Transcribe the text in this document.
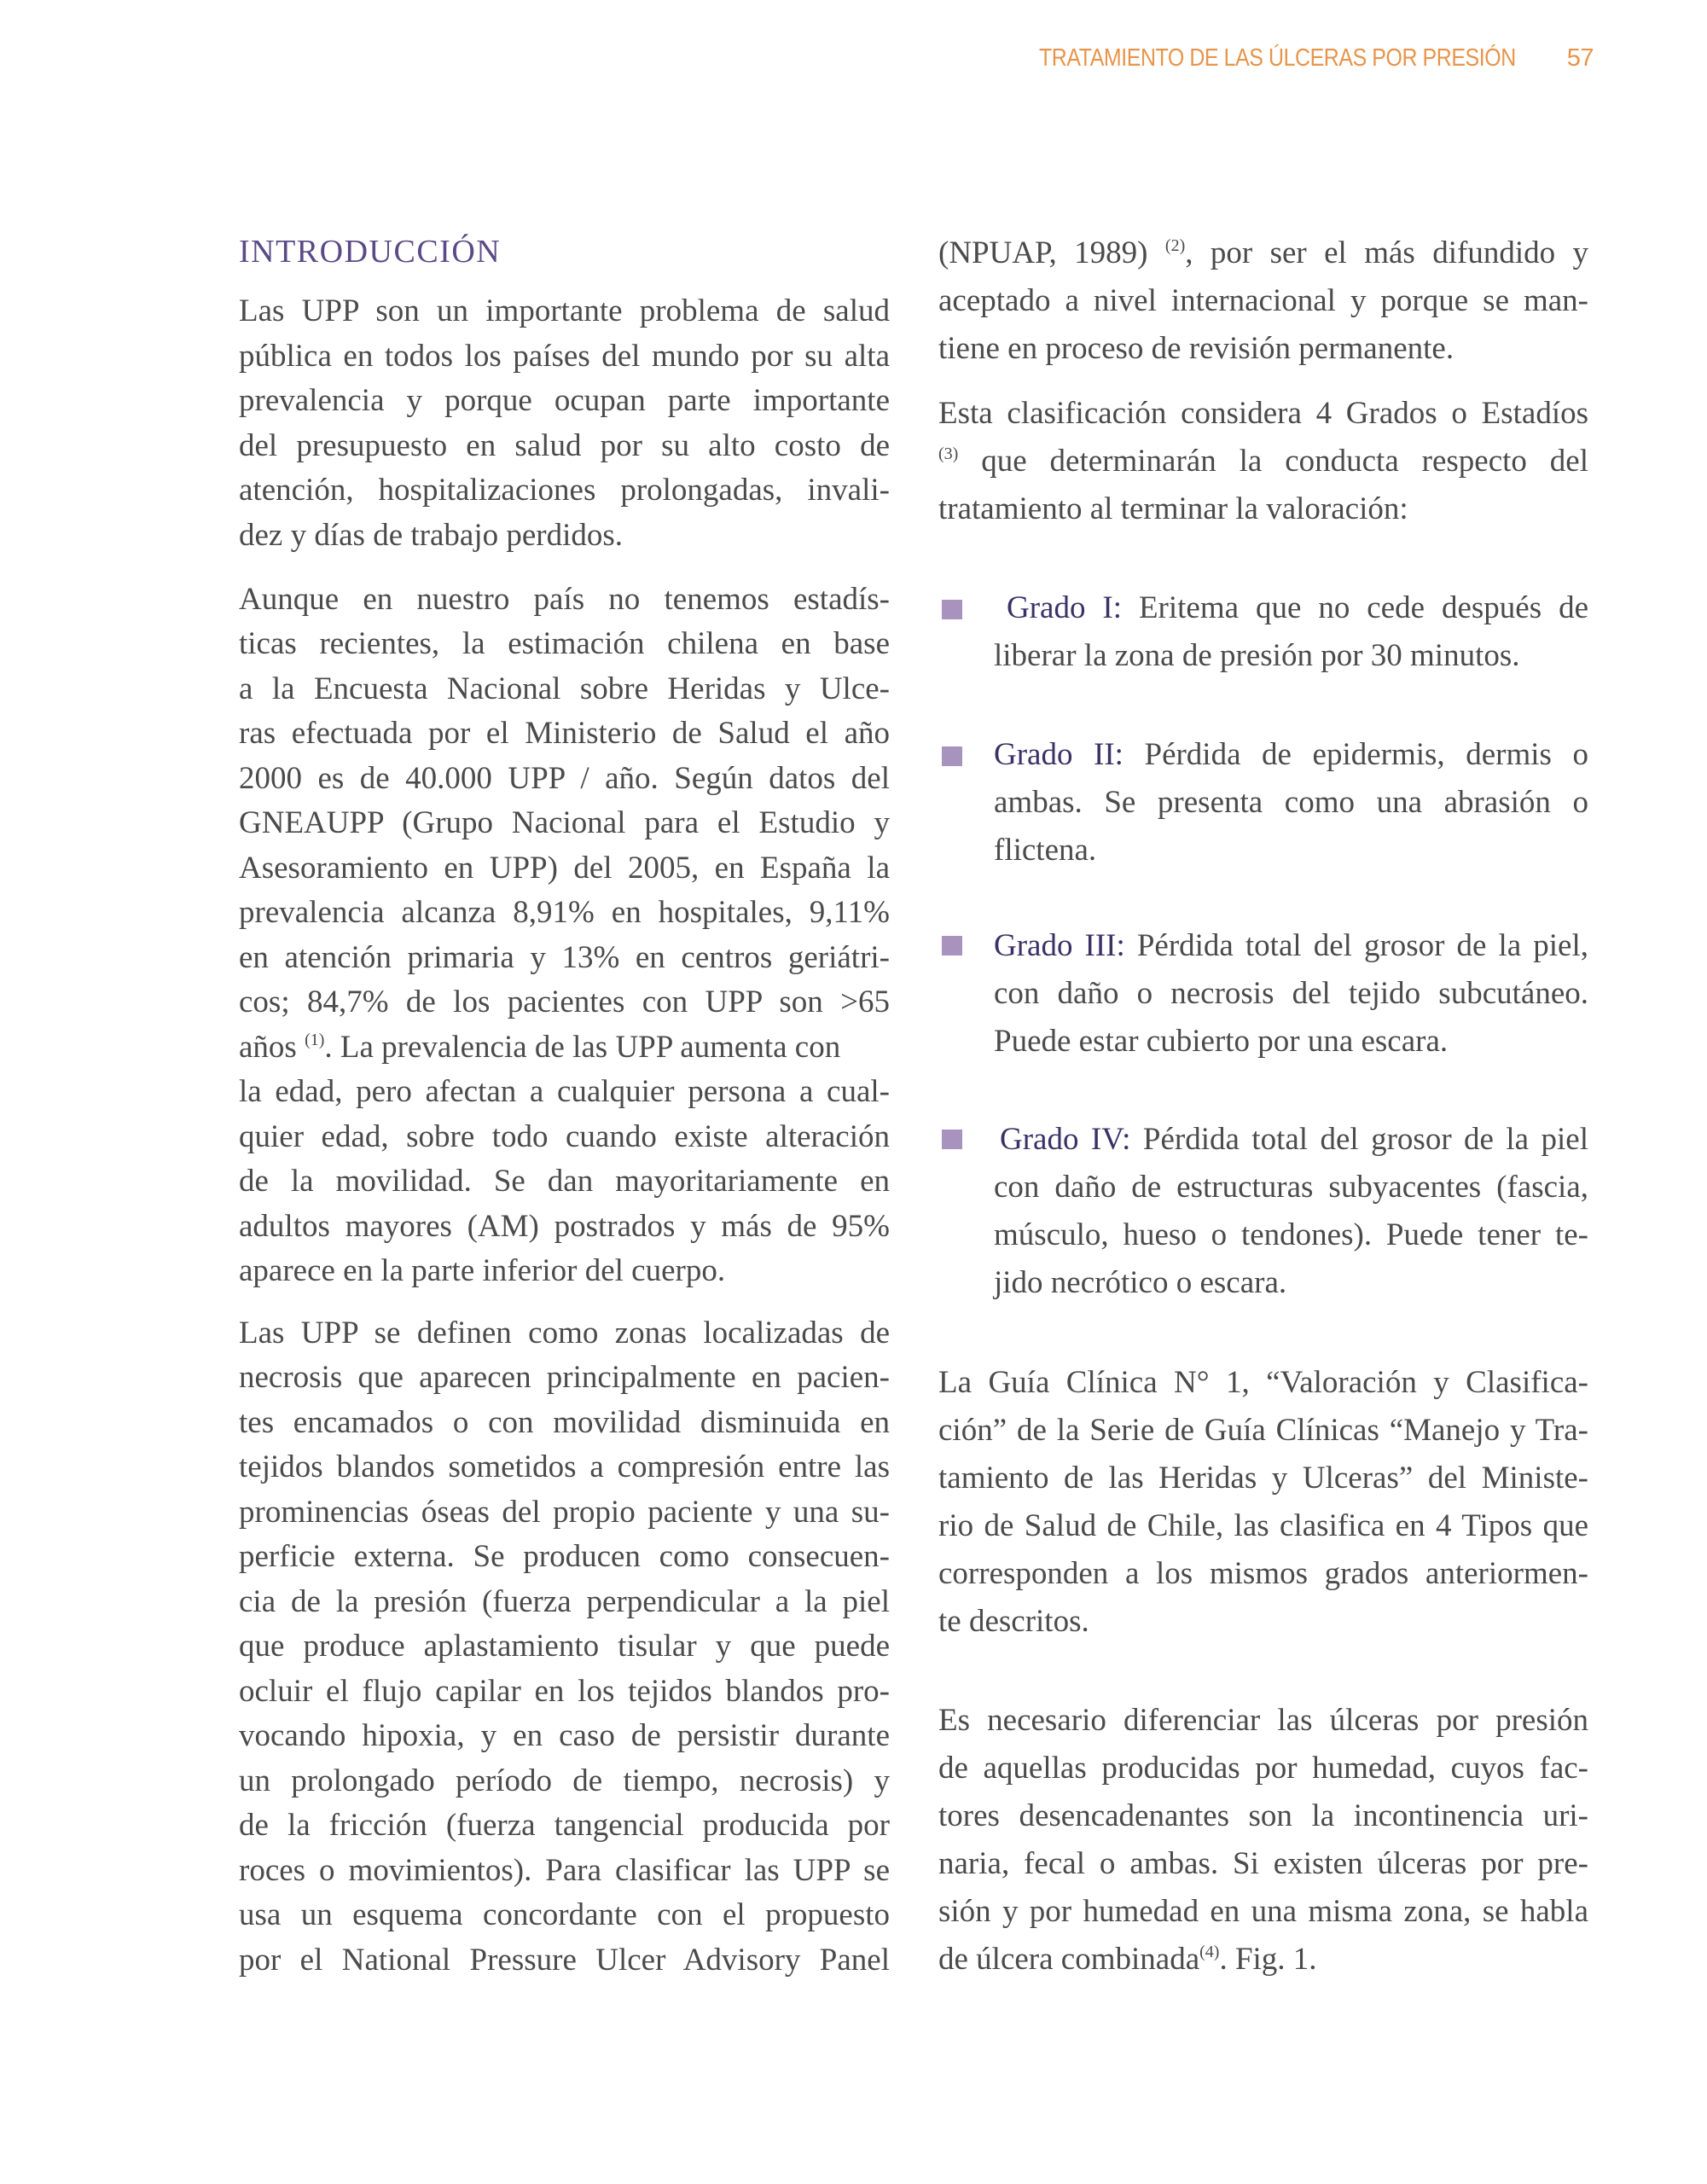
TRATAMIENTO DE LAS ÚLCERAS POR PRESIÓN 57
INTRODUCCIÓN
Las UPP son un importante problema de salud
pública en todos los países del mundo por su alta
prevalencia y porque ocupan parte importante
del presupuesto en salud por su alto costo de
atención, hospitalizaciones prolongadas, invali-
dez y días de trabajo perdidos.
Aunque en nuestro país no tenemos estadís-
ticas recientes, la estimación chilena en base
a la Encuesta Nacional sobre Heridas y Ulce-
ras efectuada por el Ministerio de Salud el año
2000 es de 40.000 UPP / año. Según datos del
GNEAUPP (Grupo Nacional para el Estudio y
Asesoramiento en UPP) del 2005, en España la
prevalencia alcanza 8,91% en hospitales, 9,11%
en atención primaria y 13% en centros geriátri-
cos; 84,7% de los pacientes con UPP son >65
años $^{(1)}$. La prevalencia de las UPP aumenta con
la edad, pero afectan a cualquier persona a cual-
quier edad, sobre todo cuando existe alteración
de la movilidad. Se dan mayoritariamente en
adultos mayores (AM) postrados y más de 95%
aparece en la parte inferior del cuerpo.
Las UPP se definen como zonas localizadas de
necrosis que aparecen principalmente en pacien-
tes encamados o con movilidad disminuida en
tejidos blandos sometidos a compresión entre las
prominencias óseas del propio paciente y una su-
perficie externa. Se producen como consecuen-
cia de la presión (fuerza perpendicular a la piel
que produce aplastamiento tisular y que puede
ocluir el flujo capilar en los tejidos blandos pro-
vocando hipoxia, y en caso de persistir durante
un prolongado período de tiempo, necrosis) y
de la fricción (fuerza tangencial producida por
roces o movimientos). Para clasificar las UPP se
usa un esquema concordante con el propuesto
por el National Pressure Ulcer Advisory Panel
(NPUAP, 1989) $^{(2)}$, por ser el más difundido y
aceptado a nivel internacional y porque se man-
tiene en proceso de revisión permanente.
Esta clasificación considera 4 Grados o Estadíos
$^{(3)}$ que determinarán la conducta respecto del
tratamiento al terminar la valoración:
Grado I: Eritema que no cede después de
liberar la zona de presión por 30 minutos.
Grado II: Pérdida de epidermis, dermis o
ambas. Se presenta como una abrasión o
flictena.
Grado III: Pérdida total del grosor de la piel,
con daño o necrosis del tejido subcutáneo.
Puede estar cubierto por una escara.
Grado IV: Pérdida total del grosor de la piel
con daño de estructuras subyacentes (fascia,
músculo, hueso o tendones). Puede tener te-
jido necrótico o escara.
La Guía Clínica N° 1, “Valoración y Clasifica-
ción” de la Serie de Guía Clínicas “Manejo y Tra-
tamiento de las Heridas y Ulceras” del Ministe-
rio de Salud de Chile, las clasifica en 4 Tipos que
corresponden a los mismos grados anteriormen-
te descritos.
Es necesario diferenciar las úlceras por presión
de aquellas producidas por humedad, cuyos fac-
tores desencadenantes son la incontinencia uri-
naria, fecal o ambas. Si existen úlceras por pre-
sión y por humedad en una misma zona, se habla
de úlcera combinada$^{(4)}$. Fig. 1.
